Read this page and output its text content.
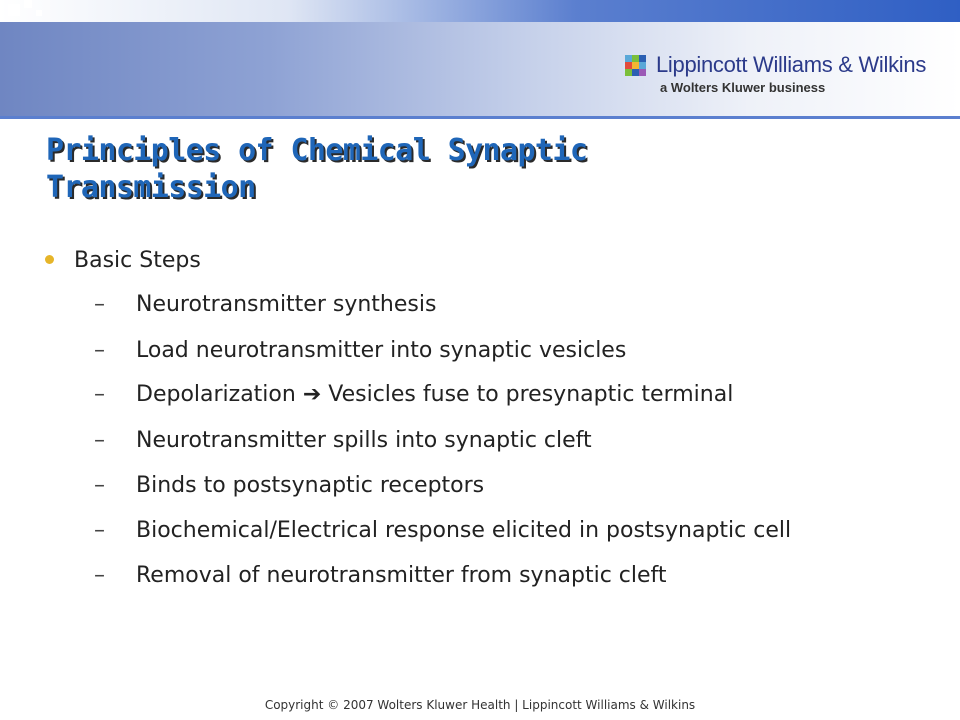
Lippincott Williams & Wilkins
a Wolters Kluwer business
Principles of Chemical Synaptic
Transmission
Basic Steps
– Neurotransmitter synthesis
– Load neurotransmitter into synaptic vesicles
– Depolarization ➔ Vesicles fuse to presynaptic terminal
– Neurotransmitter spills into synaptic cleft
– Binds to postsynaptic receptors
– Biochemical/Electrical response elicited in postsynaptic cell
– Removal of neurotransmitter from synaptic cleft
Copyright © 2007 Wolters Kluwer Health | Lippincott Williams & Wilkins
